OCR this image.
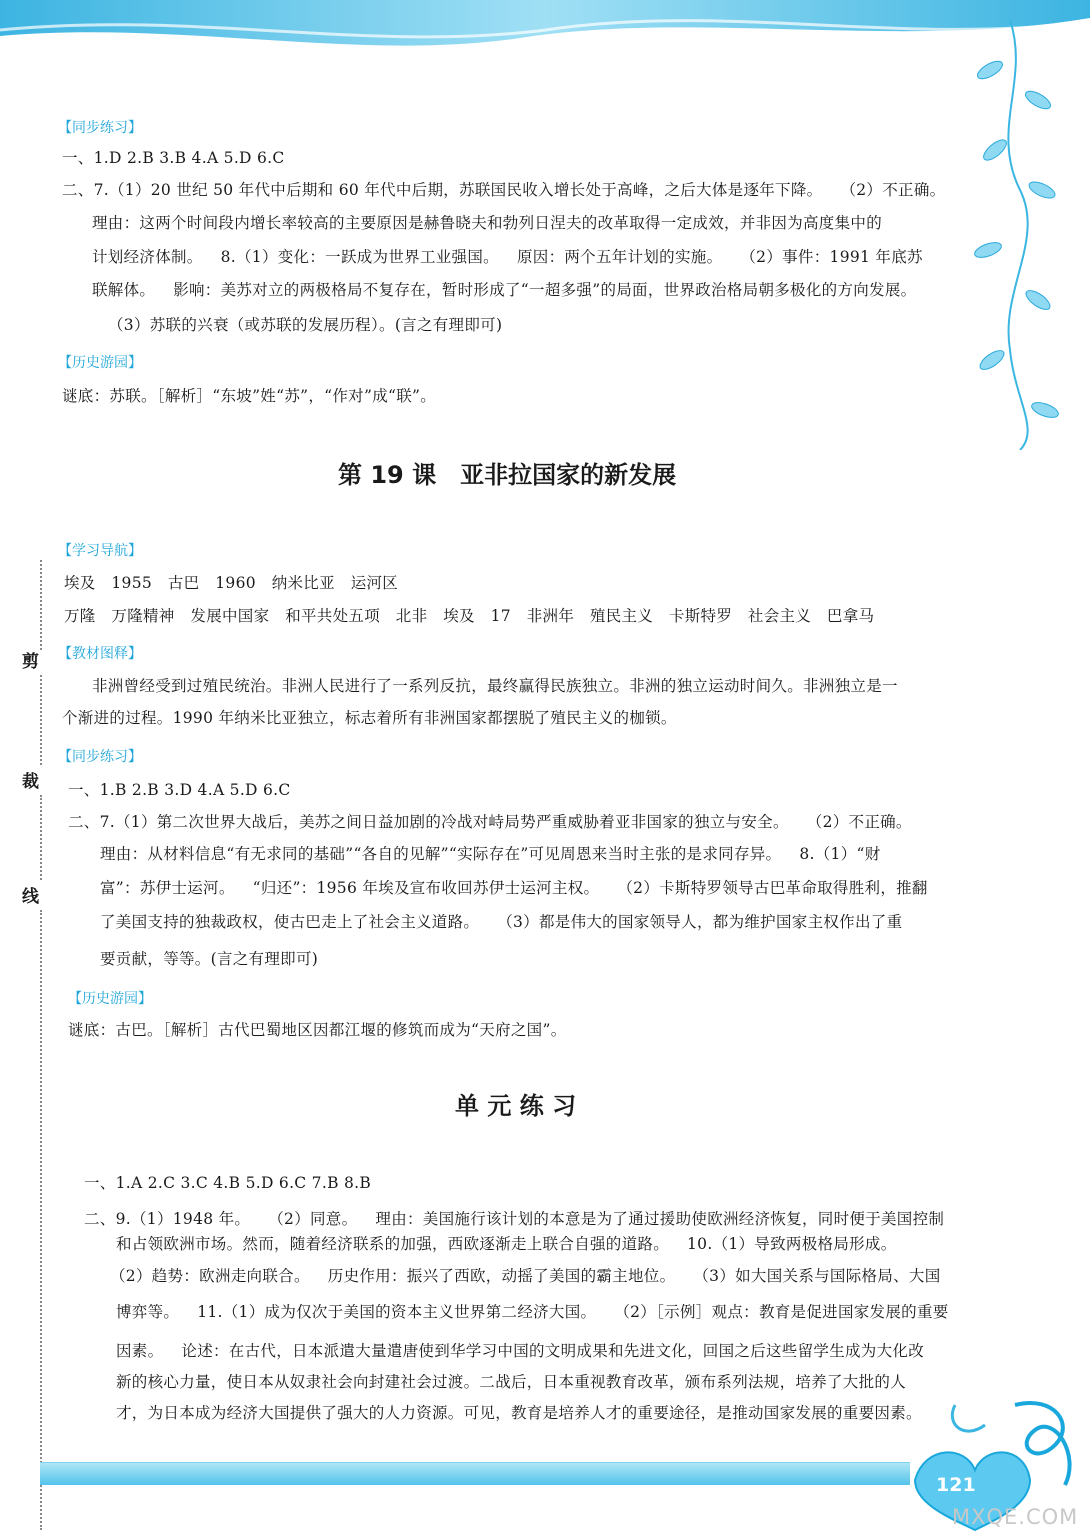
剪
裁
线
【同步练习】
一、1.D 2.B 3.B 4.A 5.D 6.C
二、7.（1）20 世纪 50 年代中后期和 60 年代中后期，苏联国民收入增长处于高峰，之后大体是逐年下降。 （2）不正确。
理由：这两个时间段内增长率较高的主要原因是赫鲁晓夫和勃列日涅夫的改革取得一定成效，并非因为高度集中的
计划经济体制。 8.（1）变化：一跃成为世界工业强国。 原因：两个五年计划的实施。 （2）事件：1991 年底苏
联解体。 影响：美苏对立的两极格局不复存在，暂时形成了“一超多强”的局面，世界政治格局朝多极化的方向发展。
（3）苏联的兴衰（或苏联的发展历程）。(言之有理即可)
【历史游园】
谜底：苏联。［解析］“东坡”姓“苏”，“作对”成“联”。
第 19 课　亚非拉国家的新发展
【学习导航】
埃及　1955　古巴　1960　纳米比亚　运河区
万隆　万隆精神　发展中国家　和平共处五项　北非　埃及　17　非洲年　殖民主义　卡斯特罗　社会主义　巴拿马
【教材图释】
非洲曾经受到过殖民统治。非洲人民进行了一系列反抗，最终赢得民族独立。非洲的独立运动时间久。非洲独立是一
个渐进的过程。1990 年纳米比亚独立，标志着所有非洲国家都摆脱了殖民主义的枷锁。
【同步练习】
一、1.B 2.B 3.D 4.A 5.D 6.C
二、7.（1）第二次世界大战后，美苏之间日益加剧的冷战对峙局势严重威胁着亚非国家的独立与安全。 （2）不正确。
理由：从材料信息“有无求同的基础”“各自的见解”“实际存在”可见周恩来当时主张的是求同存异。 8.（1）“财
富”：苏伊士运河。 “归还”：1956 年埃及宣布收回苏伊士运河主权。 （2）卡斯特罗领导古巴革命取得胜利，推翻
了美国支持的独裁政权，使古巴走上了社会主义道路。 （3）都是伟大的国家领导人，都为维护国家主权作出了重
要贡献，等等。(言之有理即可)
【历史游园】
谜底：古巴。［解析］古代巴蜀地区因都江堰的修筑而成为“天府之国”。
单 元 练 习
一、1.A 2.C 3.C 4.B 5.D 6.C 7.B 8.B
二、9.（1）1948 年。 （2）同意。 理由：美国施行该计划的本意是为了通过援助使欧洲经济恢复，同时便于美国控制
和占领欧洲市场。然而，随着经济联系的加强，西欧逐渐走上联合自强的道路。 10.（1）导致两极格局形成。
（2）趋势：欧洲走向联合。 历史作用：振兴了西欧，动摇了美国的霸主地位。 （3）如大国关系与国际格局、大国
博弈等。 11.（1）成为仅次于美国的资本主义世界第二经济大国。 （2）［示例］观点：教育是促进国家发展的重要
因素。 论述：在古代，日本派遣大量遣唐使到华学习中国的文明成果和先进文化，回国之后这些留学生成为大化改
新的核心力量，使日本从奴隶社会向封建社会过渡。二战后，日本重视教育改革，颁布系列法规，培养了大批的人
才，为日本成为经济大国提供了强大的人力资源。可见，教育是培养人才的重要途径，是推动国家发展的重要因素。
121
MXQE.COM
